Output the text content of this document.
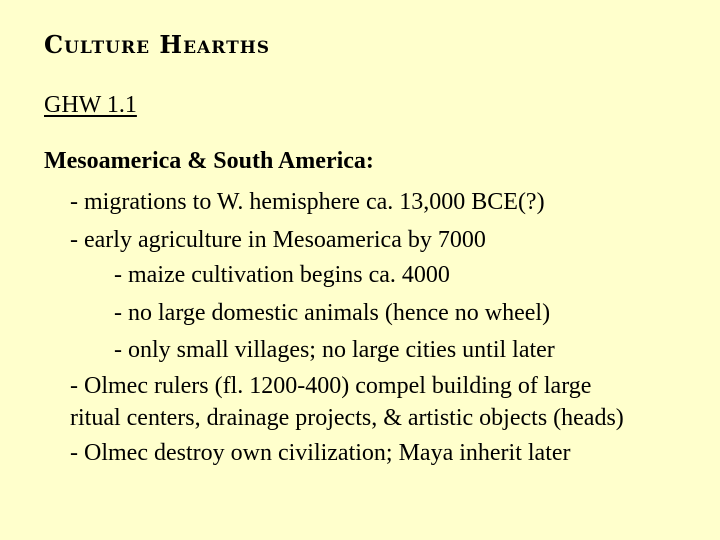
Culture Hearths
GHW 1.1
Mesoamerica & South America:
- migrations to W. hemisphere ca. 13,000 BCE(?)
- early agriculture in Mesoamerica by 7000
- maize cultivation begins ca. 4000
- no large domestic animals (hence no wheel)
- only small villages; no large cities until later
- Olmec rulers (fl. 1200-400) compel building of large
ritual centers, drainage projects, & artistic objects (heads)
- Olmec destroy own civilization; Maya inherit later
